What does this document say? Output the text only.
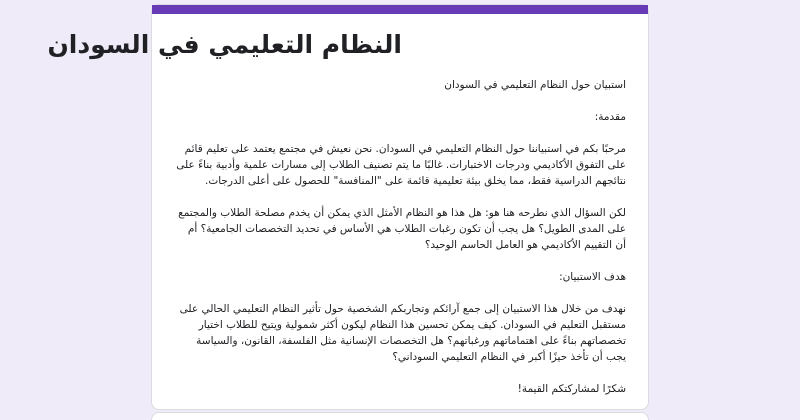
النظام التعليمي في السودان

استبيان حول النظام التعليمي في السودان

مقدمة:

مرحبًا بكم في استبياننا حول النظام التعليمي في السودان. نحن نعيش في مجتمع يعتمد على تعليم قائم على التفوق الأكاديمي ودرجات الاختبارات. غالبًا ما يتم تصنيف الطلاب إلى مسارات علمية وأدبية بناءً على نتائجهم الدراسية فقط، مما يخلق بيئة تعليمية قائمة على "المنافسة" للحصول على أعلى الدرجات.

لكن السؤال الذي نطرحه هنا هو: هل هذا هو النظام الأمثل الذي يمكن أن يخدم مصلحة الطلاب والمجتمع على المدى الطويل؟ هل يجب أن تكون رغبات الطلاب هي الأساس في تحديد التخصصات الجامعية؟ أم أن التقييم الأكاديمي هو العامل الحاسم الوحيد؟

هدف الاستبيان:

نهدف من خلال هذا الاستبيان إلى جمع آرائكم وتجاربكم الشخصية حول تأثير النظام التعليمي الحالي على مستقبل التعليم في السودان. كيف يمكن تحسين هذا النظام ليكون أكثر شمولية ويتيح للطلاب اختيار تخصصاتهم بناءً على اهتماماتهم ورغباتهم؟ هل التخصصات الإنسانية مثل الفلسفة، القانون، والسياسة يجب أن تأخذ حيزًا أكبر في النظام التعليمي السوداني؟

شكرًا لمشاركتكم القيمة!
